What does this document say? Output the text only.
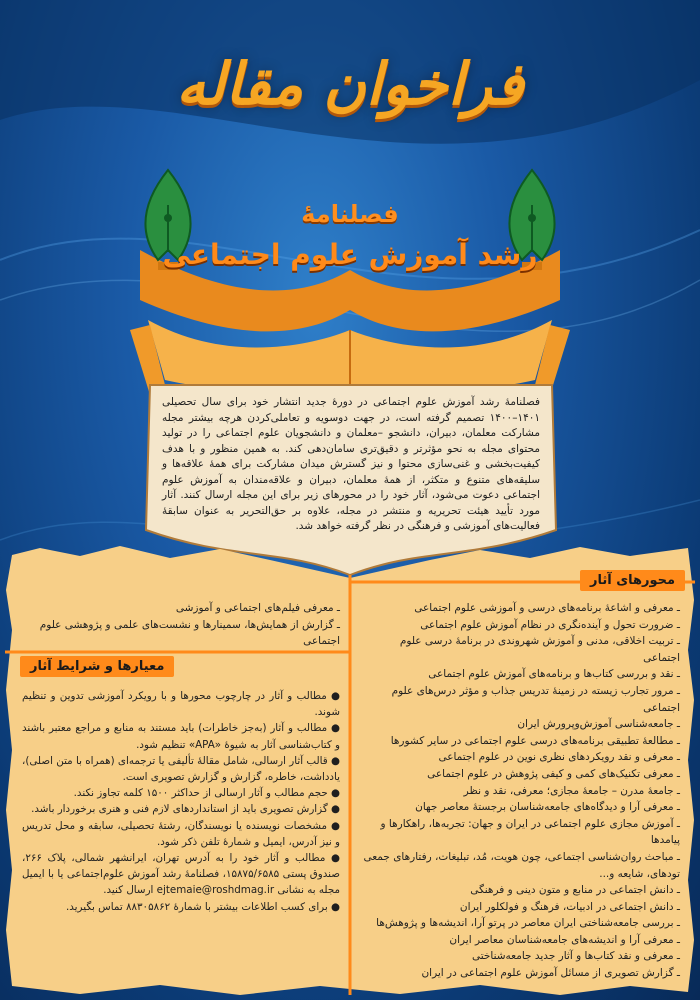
فراخوان مقاله
فصلنامهٔ
رشد آموزش علوم اجتماعی
فصلنامهٔ رشد آموزش علوم اجتماعی در دورهٔ جدید انتشار خود برای سال تحصیلی ۱۴۰۱–۱۴۰۰ تصمیم گرفته است، در جهت دوسویه و تعاملی‌کردن هرچه بیشتر مجله مشارکت معلمان، دبیران، دانشجو –معلمان و دانشجویان علوم اجتماعی را در تولید محتوای مجله به نحو مؤثرتر و دقیق‌تری سامان‌دهی کند. به همین منظور و با هدف کیفیت‌بخشی و غنی‌سازی محتوا و نیز گسترش میدان مشارکت برای همهٔ علاقه‌ها و سلیقه‌های متنوع و متکثر، از همهٔ معلمان، دبیران و علاقه‌مندان به آموزش علوم اجتماعی دعوت می‌شود، آثار خود را در محورهای زیر برای این مجله ارسال کنند. آثار مورد تأیید هیئت تحریریه و منتشر در مجله، علاوه بر حق‌التحریر به عنوان سابقهٔ فعالیت‌های آموزشی و فرهنگی در نظر گرفته خواهد شد.
محورهای آثار
ـ معرفی و اشاعهٔ برنامه‌های درسی و آموزشی علوم اجتماعی
ـ ضرورت تحول و آینده‌نگری در نظام آموزش علوم اجتماعی
ـ تربیت اخلاقی، مدنی و آموزش شهروندی در برنامهٔ درسی علوم اجتماعی
ـ نقد و بررسی کتاب‌ها و برنامه‌های آموزش علوم اجتماعی
ـ مرور تجارب زیسته در زمینهٔ تدریس جذاب و مؤثر درس‌های علوم اجتماعی
ـ جامعه‌شناسی آموزش‌وپرورش ایران
ـ مطالعهٔ تطبیقی برنامه‌های درسی علوم اجتماعی در سایر کشورها
ـ معرفی و نقد رویکردهای نظری نوین در علوم اجتماعی
ـ معرفی تکنیک‌های کمی و کیفی پژوهش در علوم اجتماعی
ـ جامعهٔ مدرن – جامعهٔ مجازی؛ معرفی، نقد و نظر
ـ معرفی آرا و دیدگاه‌های جامعه‌شناسان برجستهٔ معاصر جهان
ـ آموزش مجازی علوم اجتماعی در ایران و جهان: تجربه‌ها، راهکارها و پیامدها
ـ مباحث روان‌شناسی اجتماعی، چون هویت، مُد، تبلیغات، رفتارهای جمعی تودهای، شایعه و...
ـ دانش اجتماعی در منابع و متون دینی و فرهنگی
ـ دانش اجتماعی در ادبیات، فرهنگ و فولکلور ایران
ـ بررسی جامعه‌شناختی ایران معاصر در پرتو آرا، اندیشه‌ها و پژوهش‌ها
ـ معرفی آرا و اندیشه‌های جامعه‌شناسان معاصر ایران
ـ معرفی و نقد کتاب‌ها و آثار جدید جامعه‌شناختی
ـ گزارش تصویری از مسائل آموزش علوم اجتماعی در ایران
ـ معرفی فیلم‌های اجتماعی و آموزشی
ـ گزارش از همایش‌ها، سمینارها و نشست‌های علمی و پژوهشی علوم اجتماعی
معیارها و شرایط آثار

● مطالب و آثار در چارچوب محورها و با رویکرد آموزشی تدوین و تنظیم شوند.

● مطالب و آثار (به‌جز خاطرات) باید مستند به منابع و مراجع معتبر باشند و کتاب‌شناسی آثار به شیوهٔ «APA» تنظیم شود.

● قالب آثار ارسالی، شامل مقالهٔ تألیفی یا ترجمه‌ای (همراه با متن اصلی)، یادداشت، خاطره، گزارش و گزارش تصویری است.

● حجم مطالب و آثار ارسالی از حداکثر ۱۵۰۰ کلمه تجاوز نکند.

● گزارش تصویری باید از استانداردهای لازم فنی و هنری برخوردار باشد.

● مشخصات نویسنده یا نویسندگان، رشتهٔ تحصیلی، سابقه و محل تدریس و نیز آدرس، ایمیل و شمارهٔ تلفن ذکر شود.

● مطالب و آثار خود را به آدرس تهران، ایرانشهر شمالی، پلاک ۲۶۶، صندوق پستی ۱۵۸۷۵/۶۵۸۵، فصلنامهٔ رشد آموزش علوم‌اجتماعی یا با ایمیل مجله به نشانی ejtemaie@roshdmag.ir ارسال کنید.

● برای کسب اطلاعات بیشتر با شمارهٔ ۸۸۳۰۵۸۶۲ تماس بگیرید.
